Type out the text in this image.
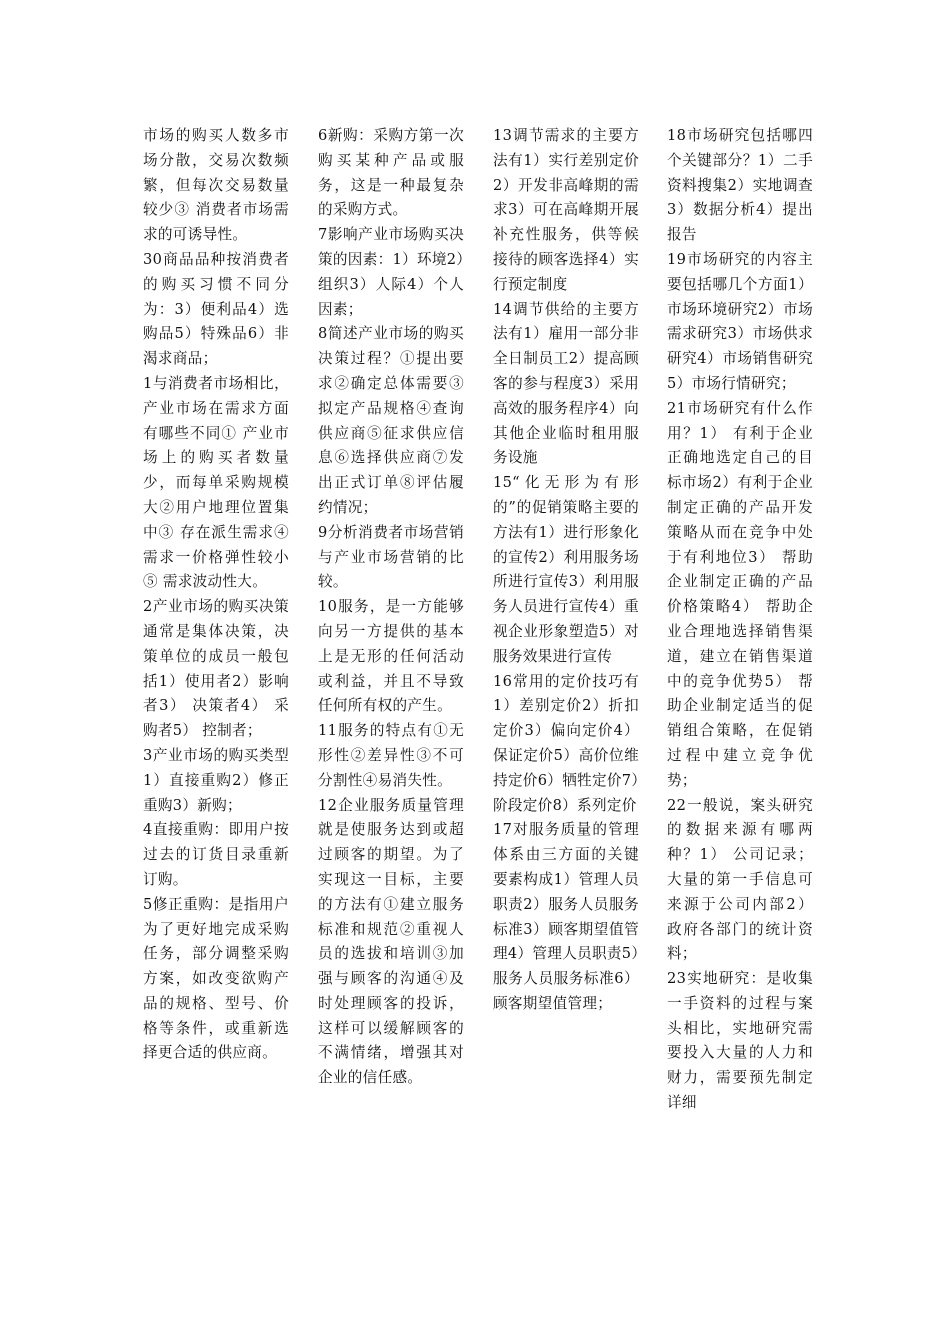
市场的购买人数多市场分散，交易次数频繁，但每次交易数量较少③ 消费者市场需求的可诱导性。

30商品品种按消费者的购买习惯不同分为：3）便利品4）选购品5）特殊品6）非渴求商品；

1与消费者市场相比，产业市场在需求方面有哪些不同① 产业市场上的购买者数量少，而每单采购规模大②用户地理位置集中③ 存在派生需求④ 需求一价格弹性较小⑤ 需求波动性大。

2产业市场的购买决策通常是集体决策，决策单位的成员一般包括1）使用者2）影响者3） 决策者4） 采购者5） 控制者；

3产业市场的购买类型1）直接重购2）修正重购3）新购；

4直接重购：即用户按过去的订货目录重新订购。

5修正重购：是指用户为了更好地完成采购任务，部分调整采购方案，如改变欲购产品的规格、型号、价格等条件，或重新选择更合适的供应商。

6新购：采购方第一次购买某种产品或服务，这是一种最复杂的采购方式。

7影响产业市场购买决策的因素：1）环境2）组织3）人际4）个人因素；

8简述产业市场的购买决策过程？①提出要求②确定总体需要③拟定产品规格④查询供应商⑤征求供应信息⑥选择供应商⑦发出正式订单⑧评估履约情况；

9分析消费者市场营销与产业市场营销的比较。

10服务，是一方能够向另一方提供的基本上是无形的任何活动或利益，并且不导致任何所有权的产生。

11服务的特点有①无形性②差异性③不可分割性④易消失性。

12企业服务质量管理就是使服务达到或超过顾客的期望。为了实现这一目标，主要的方法有①建立服务标准和规范②重视人员的选拔和培训③加强与顾客的沟通④及时处理顾客的投诉，这样可以缓解顾客的不满情绪，增强其对企业的信任感。

13调节需求的主要方法有1）实行差别定价2）开发非高峰期的需求3）可在高峰期开展补充性服务，供等候接待的顾客选择4）实行预定制度

14调节供给的主要方法有1）雇用一部分非全日制员工2）提高顾客的参与程度3）采用高效的服务程序4）向其他企业临时租用服务设施

15“化无形为有形的”的促销策略主要的方法有1）进行形象化的宣传2）利用服务场所进行宣传3）利用服务人员进行宣传4）重视企业形象塑造5）对服务效果进行宣传

16常用的定价技巧有1）差别定价2）折扣定价3）偏向定价4）保证定价5）高价位维持定价6）牺牲定价7）阶段定价8）系列定价

17对服务质量的管理体系由三方面的关键要素构成1）管理人员职责2）服务人员服务标准3）顾客期望值管理4）管理人员职责5）服务人员服务标准6）顾客期望值管理；

18市场研究包括哪四个关键部分？1）二手资料搜集2）实地调查3）数据分析4）提出报告

19市场研究的内容主要包括哪几个方面1）市场环境研究2）市场需求研究3）市场供求研究4）市场销售研究5）市场行情研究；

21市场研究有什么作用？1） 有利于企业正确地选定自己的目标市场2）有利于企业制定正确的产品开发策略从而在竞争中处于有利地位3） 帮助企业制定正确的产品价格策略4） 帮助企业合理地选择销售渠道，建立在销售渠道中的竞争优势5） 帮助企业制定适当的促销组合策略，在促销过程中建立竞争优势；

22一般说，案头研究的数据来源有哪两种？1） 公司记录；大量的第一手信息可来源于公司内部2） 政府各部门的统计资料；

23实地研究：是收集一手资料的过程与案头相比，实地研究需要投入大量的人力和 财力，需要预先制定详细
